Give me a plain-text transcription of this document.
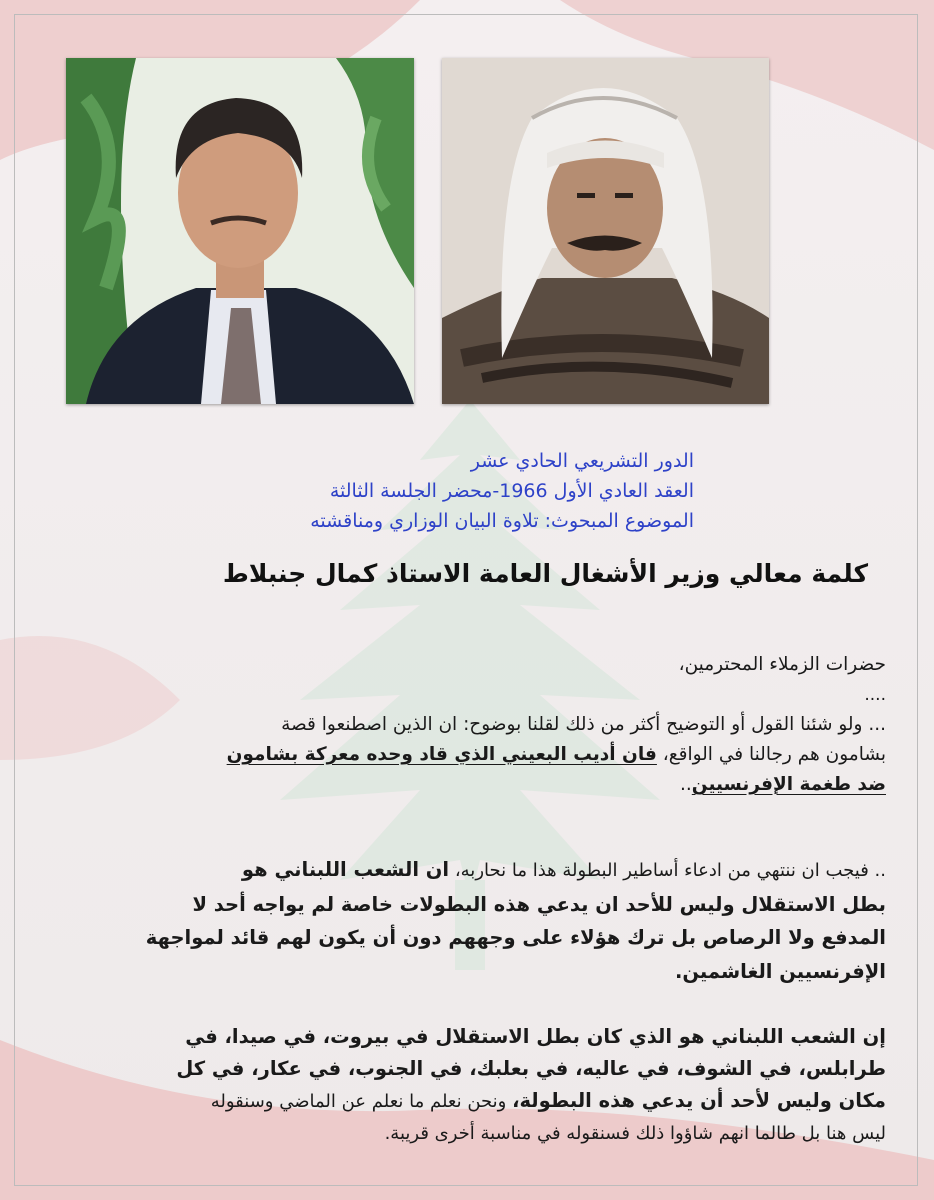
الدور التشريعي الحادي عشر
العقد العادي الأول 1966-محضر الجلسة الثالثة
الموضوع المبحوث: تلاوة البيان الوزاري ومناقشته
كلمة معالي وزير الأشغال العامة الاستاذ كمال جنبلاط
حضرات الزملاء المحترمين،
....
... ولو شئنا القول أو التوضيح أكثر من ذلك لقلنا بوضوح: ان الذين اصطنعوا قصة
بشامون هم رجالنا في الواقع، فان أديب البعيني الذي قاد وحده معركة بشامون
ضد طغمة الإفرنسيين..
.. فيجب ان ننتهي من ادعاء أساطير البطولة هذا ما نحاربه، ان الشعب اللبناني هو
بطل الاستقلال وليس للأحد ان يدعي هذه البطولات خاصة لم يواجه أحد لا
المدفع ولا الرصاص بل ترك هؤلاء على وجههم دون أن يكون لهم قائد لمواجهة
الإفرنسيين الغاشمين.
إن الشعب اللبناني هو الذي كان بطل الاستقلال في بيروت، في صيدا، في
طرابلس، في الشوف، في عاليه، في بعلبك، في الجنوب، في عكار، في كل
مكان وليس لأحد أن يدعي هذه البطولة، ونحن نعلم ما نعلم عن الماضي وسنقوله
ليس هنا بل طالما انهم شاؤوا ذلك فسنقوله في مناسبة أخرى قريبة.
